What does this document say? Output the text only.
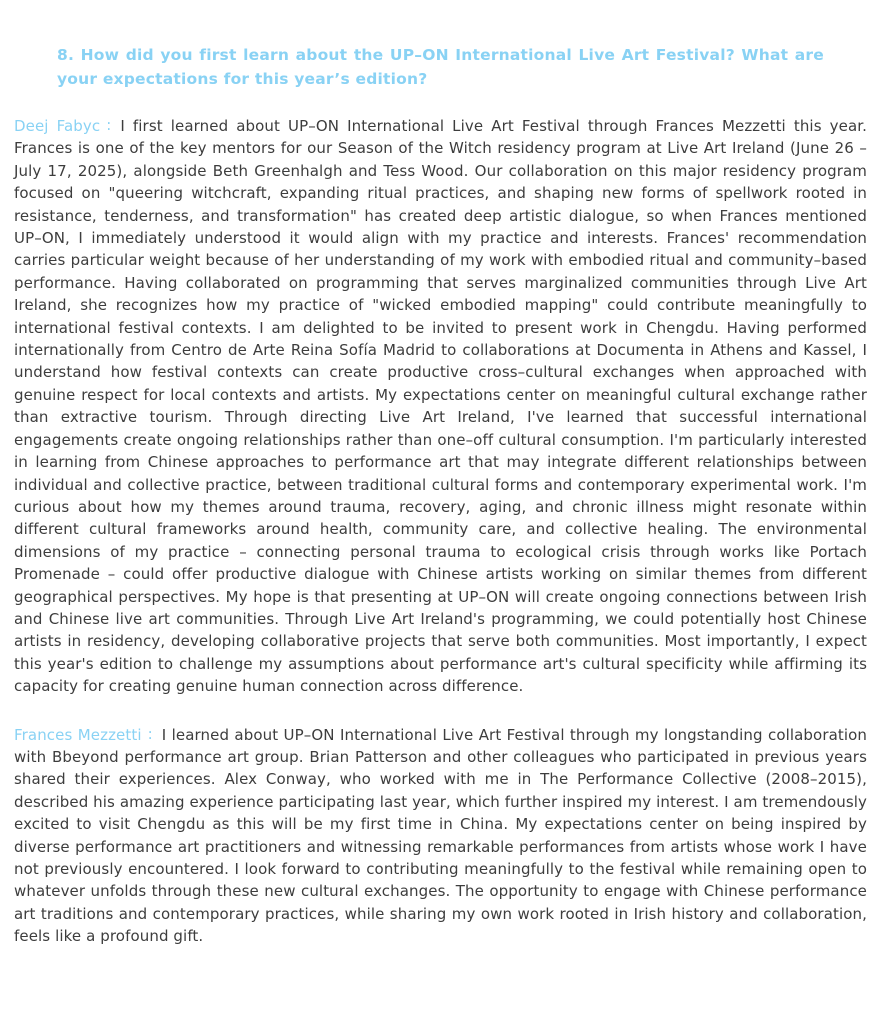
8. How did you first learn about the UP–ON International Live Art Festival? What are your expectations for this year’s edition?

Deej Fabyc : I first learned about UP–ON International Live Art Festival through Frances Mezzetti this year. Frances is one of the key mentors for our Season of the Witch residency program at Live Art Ireland (June 26 – July 17, 2025), alongside Beth Greenhalgh and Tess Wood. Our collaboration on this major residency program focused on "queering witchcraft, expanding ritual practices, and shaping new forms of spellwork rooted in resistance, tenderness, and transformation" has created deep artistic dialogue, so when Frances mentioned UP–ON, I immediately understood it would align with my practice and interests. Frances' recommendation carries particular weight because of her understanding of my work with embodied ritual and community–based performance. Having collaborated on programming that serves marginalized communities through Live Art Ireland, she recognizes how my practice of "wicked embodied mapping" could contribute meaningfully to international festival contexts. I am delighted to be invited to present work in Chengdu. Having performed internationally from Centro de Arte Reina Sofía Madrid to collaborations at Documenta in Athens and Kassel, I understand how festival contexts can create productive cross–cultural exchanges when approached with genuine respect for local contexts and artists. My expectations center on meaningful cultural exchange rather than extractive tourism. Through directing Live Art Ireland, I've learned that successful international engagements create ongoing relationships rather than one–off cultural consumption. I'm particularly interested in learning from Chinese approaches to performance art that may integrate different relationships between individual and collective practice, between traditional cultural forms and contemporary experimental work. I'm curious about how my themes around trauma, recovery, aging, and chronic illness might resonate within different cultural frameworks around health, community care, and collective healing. The environmental dimensions of my practice – connecting personal trauma to ecological crisis through works like Portach Promenade – could offer productive dialogue with Chinese artists working on similar themes from different geographical perspectives. My hope is that presenting at UP–ON will create ongoing connections between Irish and Chinese live art communities. Through Live Art Ireland's programming, we could potentially host Chinese artists in residency, developing collaborative projects that serve both communities. Most importantly, I expect this year's edition to challenge my assumptions about performance art's cultural specificity while affirming its capacity for creating genuine human connection across difference.

Frances Mezzetti : I learned about UP–ON International Live Art Festival through my longstanding collaboration with Bbeyond performance art group. Brian Patterson and other colleagues who participated in previous years shared their experiences. Alex Conway, who worked with me in The Performance Collective (2008–2015), described his amazing experience participating last year, which further inspired my interest. I am tremendously excited to visit Chengdu as this will be my first time in China. My expectations center on being inspired by diverse performance art practitioners and witnessing remarkable performances from artists whose work I have not previously encountered. I look forward to contributing meaningfully to the festival while remaining open to whatever unfolds through these new cultural exchanges. The opportunity to engage with Chinese performance art traditions and contemporary practices, while sharing my own work rooted in Irish history and collaboration, feels like a profound gift.
